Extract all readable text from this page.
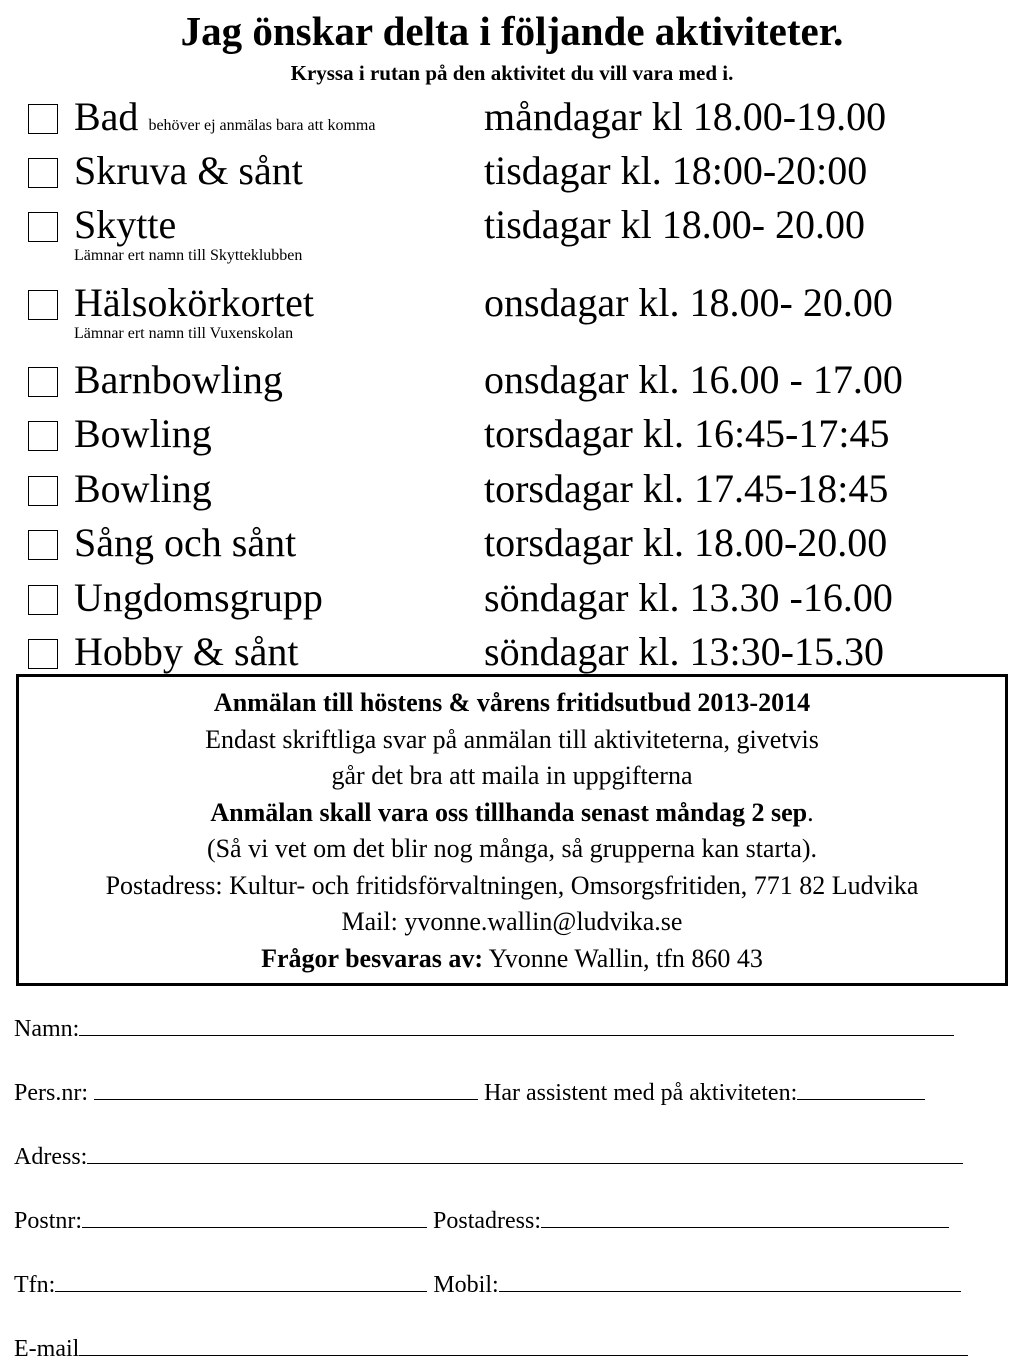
Jag önskar delta i följande aktiviteter.
Kryssa i rutan på den aktivitet du vill vara med i.
Bad behöver ej anmälas bara att komma	måndagar kl 18.00-19.00
Skruva & sånt	tisdagar kl. 18:00-20:00
Skytte	tisdagar kl 18.00- 20.00
Lämnar ert namn till Skytteklubben
Hälsokörkortet	onsdagar kl. 18.00- 20.00
Lämnar ert namn till Vuxenskolan
Barnbowling	onsdagar kl. 16.00 - 17.00
Bowling	torsdagar kl. 16:45-17:45
Bowling	torsdagar kl. 17.45-18:45
Sång och sånt	torsdagar kl. 18.00-20.00
Ungdomsgrupp	söndagar kl. 13.30 -16.00
Hobby & sånt	söndagar kl. 13:30-15.30
Anmälan till höstens & vårens fritidsutbud 2013-2014
Endast skriftliga svar på anmälan till aktiviteterna, givetvis
går det bra att maila in uppgifterna
Anmälan skall vara oss tillhanda senast måndag 2 sep.
(Så vi vet om det blir nog många, så grupperna kan starta).
Postadress: Kultur- och fritidsförvaltningen, Omsorgsfritiden, 771 82 Ludvika
Mail: yvonne.wallin@ludvika.se
Frågor besvaras av: Yvonne Wallin, tfn 860 43
Namn:
Pers.nr:	Har assistent med på aktiviteten:
Adress:
Postnr:	Postadress:
Tfn:	Mobil:
E-mail
